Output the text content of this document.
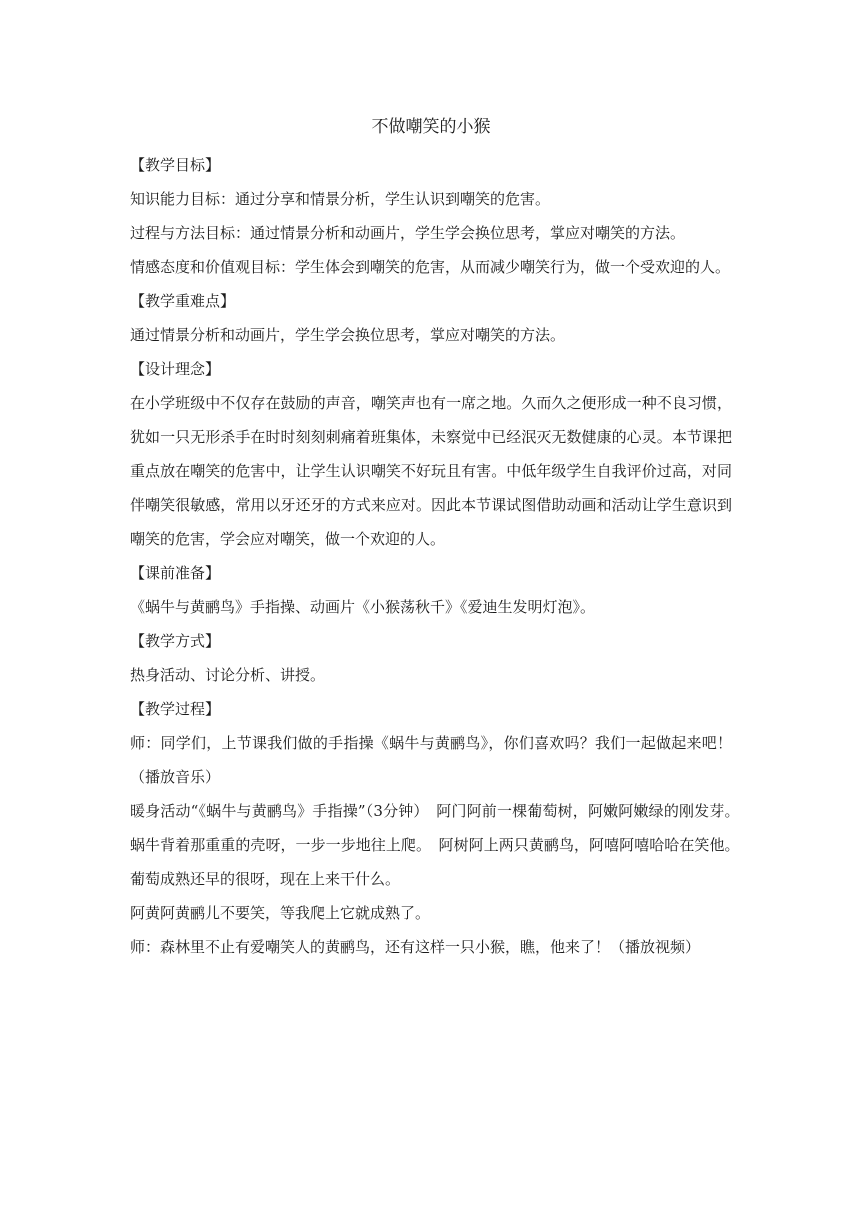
不做嘲笑的小猴

【教学目标】

知识能力目标：通过分享和情景分析，学生认识到嘲笑的危害。

过程与方法目标：通过情景分析和动画片，学生学会换位思考，掌应对嘲笑的方法。

情感态度和价值观目标：学生体会到嘲笑的危害，从而减少嘲笑行为，做一个受欢迎的人。

【教学重难点】

通过情景分析和动画片，学生学会换位思考，掌应对嘲笑的方法。

【设计理念】

在小学班级中不仅存在鼓励的声音，嘲笑声也有一席之地。久而久之便形成一种不良习惯，犹如一只无形杀手在时时刻刻刺痛着班集体，未察觉中已经泯灭无数健康的心灵。本节课把重点放在嘲笑的危害中，让学生认识嘲笑不好玩且有害。中低年级学生自我评价过高，对同伴嘲笑很敏感，常用以牙还牙的方式来应对。因此本节课试图借助动画和活动让学生意识到嘲笑的危害，学会应对嘲笑，做一个欢迎的人。

【课前准备】

《蜗牛与黄鹂鸟》手指操、动画片《小猴荡秋千》《爱迪生发明灯泡》。

【教学方式】

热身活动、讨论分析、讲授。

【教学过程】

师：同学们，上节课我们做的手指操《蜗牛与黄鹂鸟》，你们喜欢吗？我们一起做起来吧！（播放音乐）

暖身活动“《蜗牛与黄鹂鸟》手指操”（3分钟）　阿门阿前一棵葡萄树，阿嫩阿嫩绿的刚发芽。　蜗牛背着那重重的壳呀，一步一步地往上爬。　阿树阿上两只黄鹂鸟，阿嘻阿嘻哈哈在笑他。　葡萄成熟还早的很呀，现在上来干什么。

阿黄阿黄鹂儿不要笑，等我爬上它就成熟了。

师：森林里不止有爱嘲笑人的黄鹂鸟，还有这样一只小猴，瞧，他来了！（播放视频）
